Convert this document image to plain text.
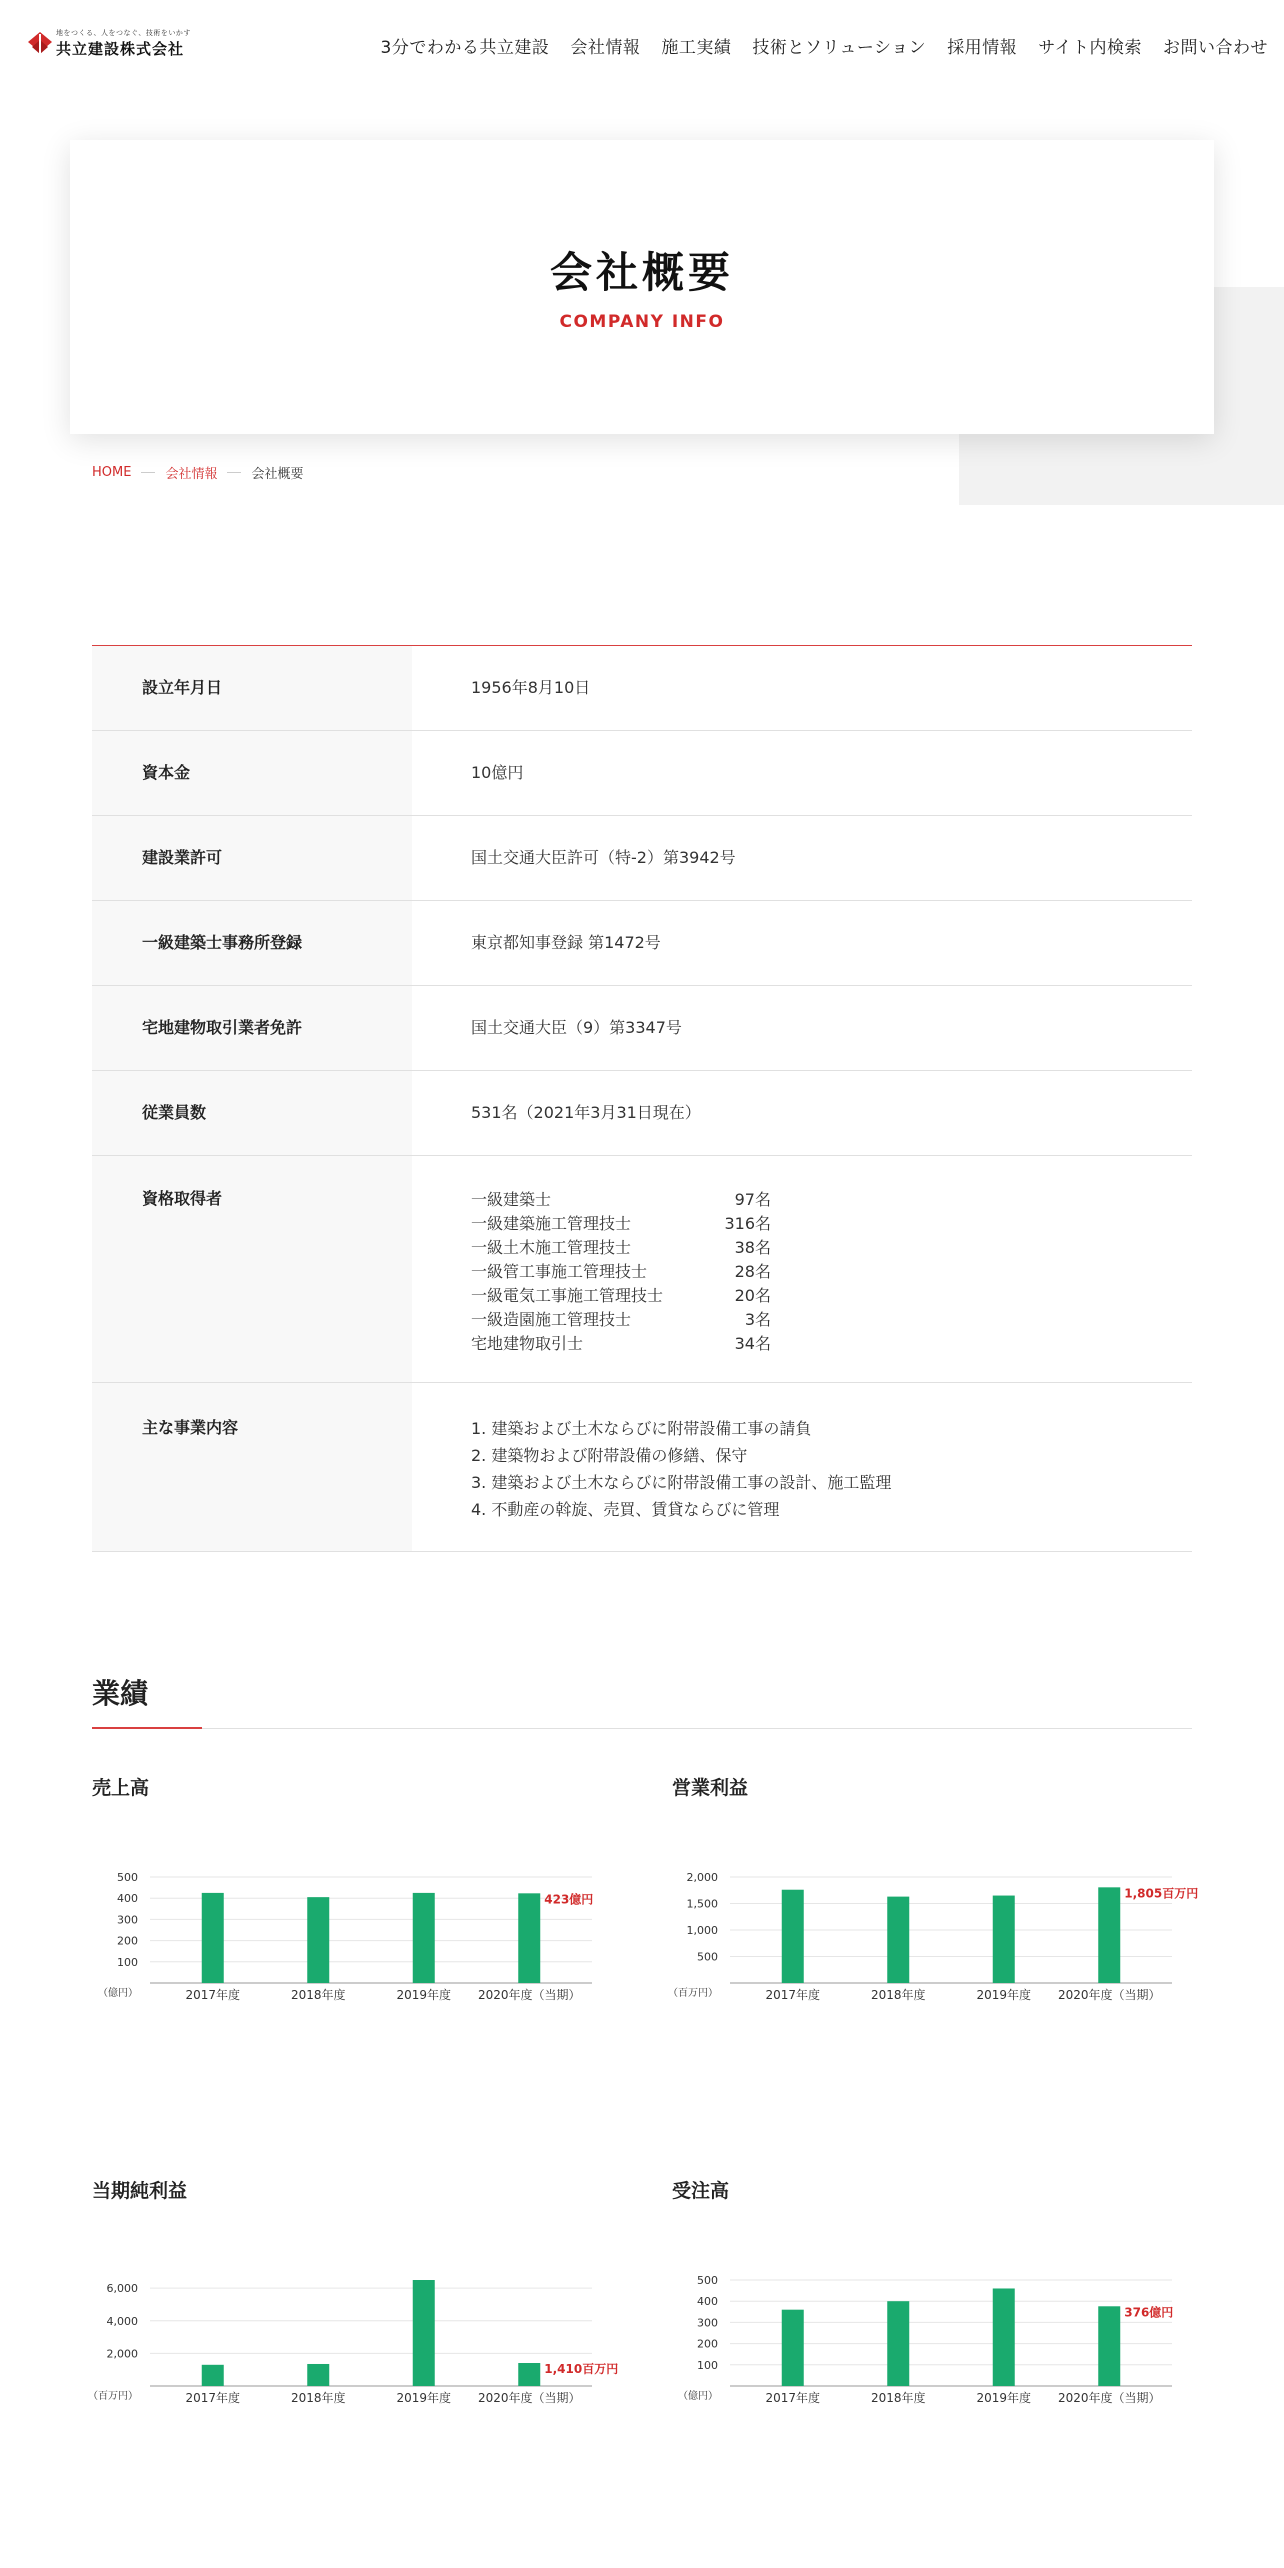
地をつくる、人をつなぐ、技術をいかす
共立建設株式会社	3分でわかる共立建設 会社情報 施工実績 技術とソリューション 採用情報 サイト内検索 お問い合わせ
会社概要
COMPANY INFO
HOME	会社情報	会社概要
設立年月日	1956年8月10日
資本金	10億円
建設業許可	国土交通大臣許可（特-2）第3942号
一級建築士事務所登録	東京都知事登録 第1472号
宅地建物取引業者免許	国土交通大臣（9）第3347号
従業員数	531名（2021年3月31日現在）
資格取得者	一級建築士	97名
一級建築施工管理技士	316名
一級土木施工管理技士	38名
一級管工事施工管理技士	28名
一級電気工事施工管理技士	20名
一級造園施工管理技士	3名
宅地建物取引士	34名
主な事業内容	1. 建築および土木ならびに附帯設備工事の請負
2. 建築物および附帯設備の修繕、保守
3. 建築および土木ならびに附帯設備工事の設計、施工監理
4. 不動産の斡旋、売買、賃貸ならびに管理
業績
売上高
100
200
300
400
500
（億円）	2017年度	2018年度	2019年度 2020年度（当期）
423億円
営業利益
500
1,000
1,500
2,000
（百万円）	2017年度	2018年度	2019年度 2020年度（当期）
1,805百万円
当期純利益
2,000
4,000
6,000
（百万円）	2017年度	2018年度	2019年度 2020年度（当期）
1,410百万円
受注高
100
200
300
400
500
（億円）	2017年度	2018年度	2019年度 2020年度（当期）
376億円
